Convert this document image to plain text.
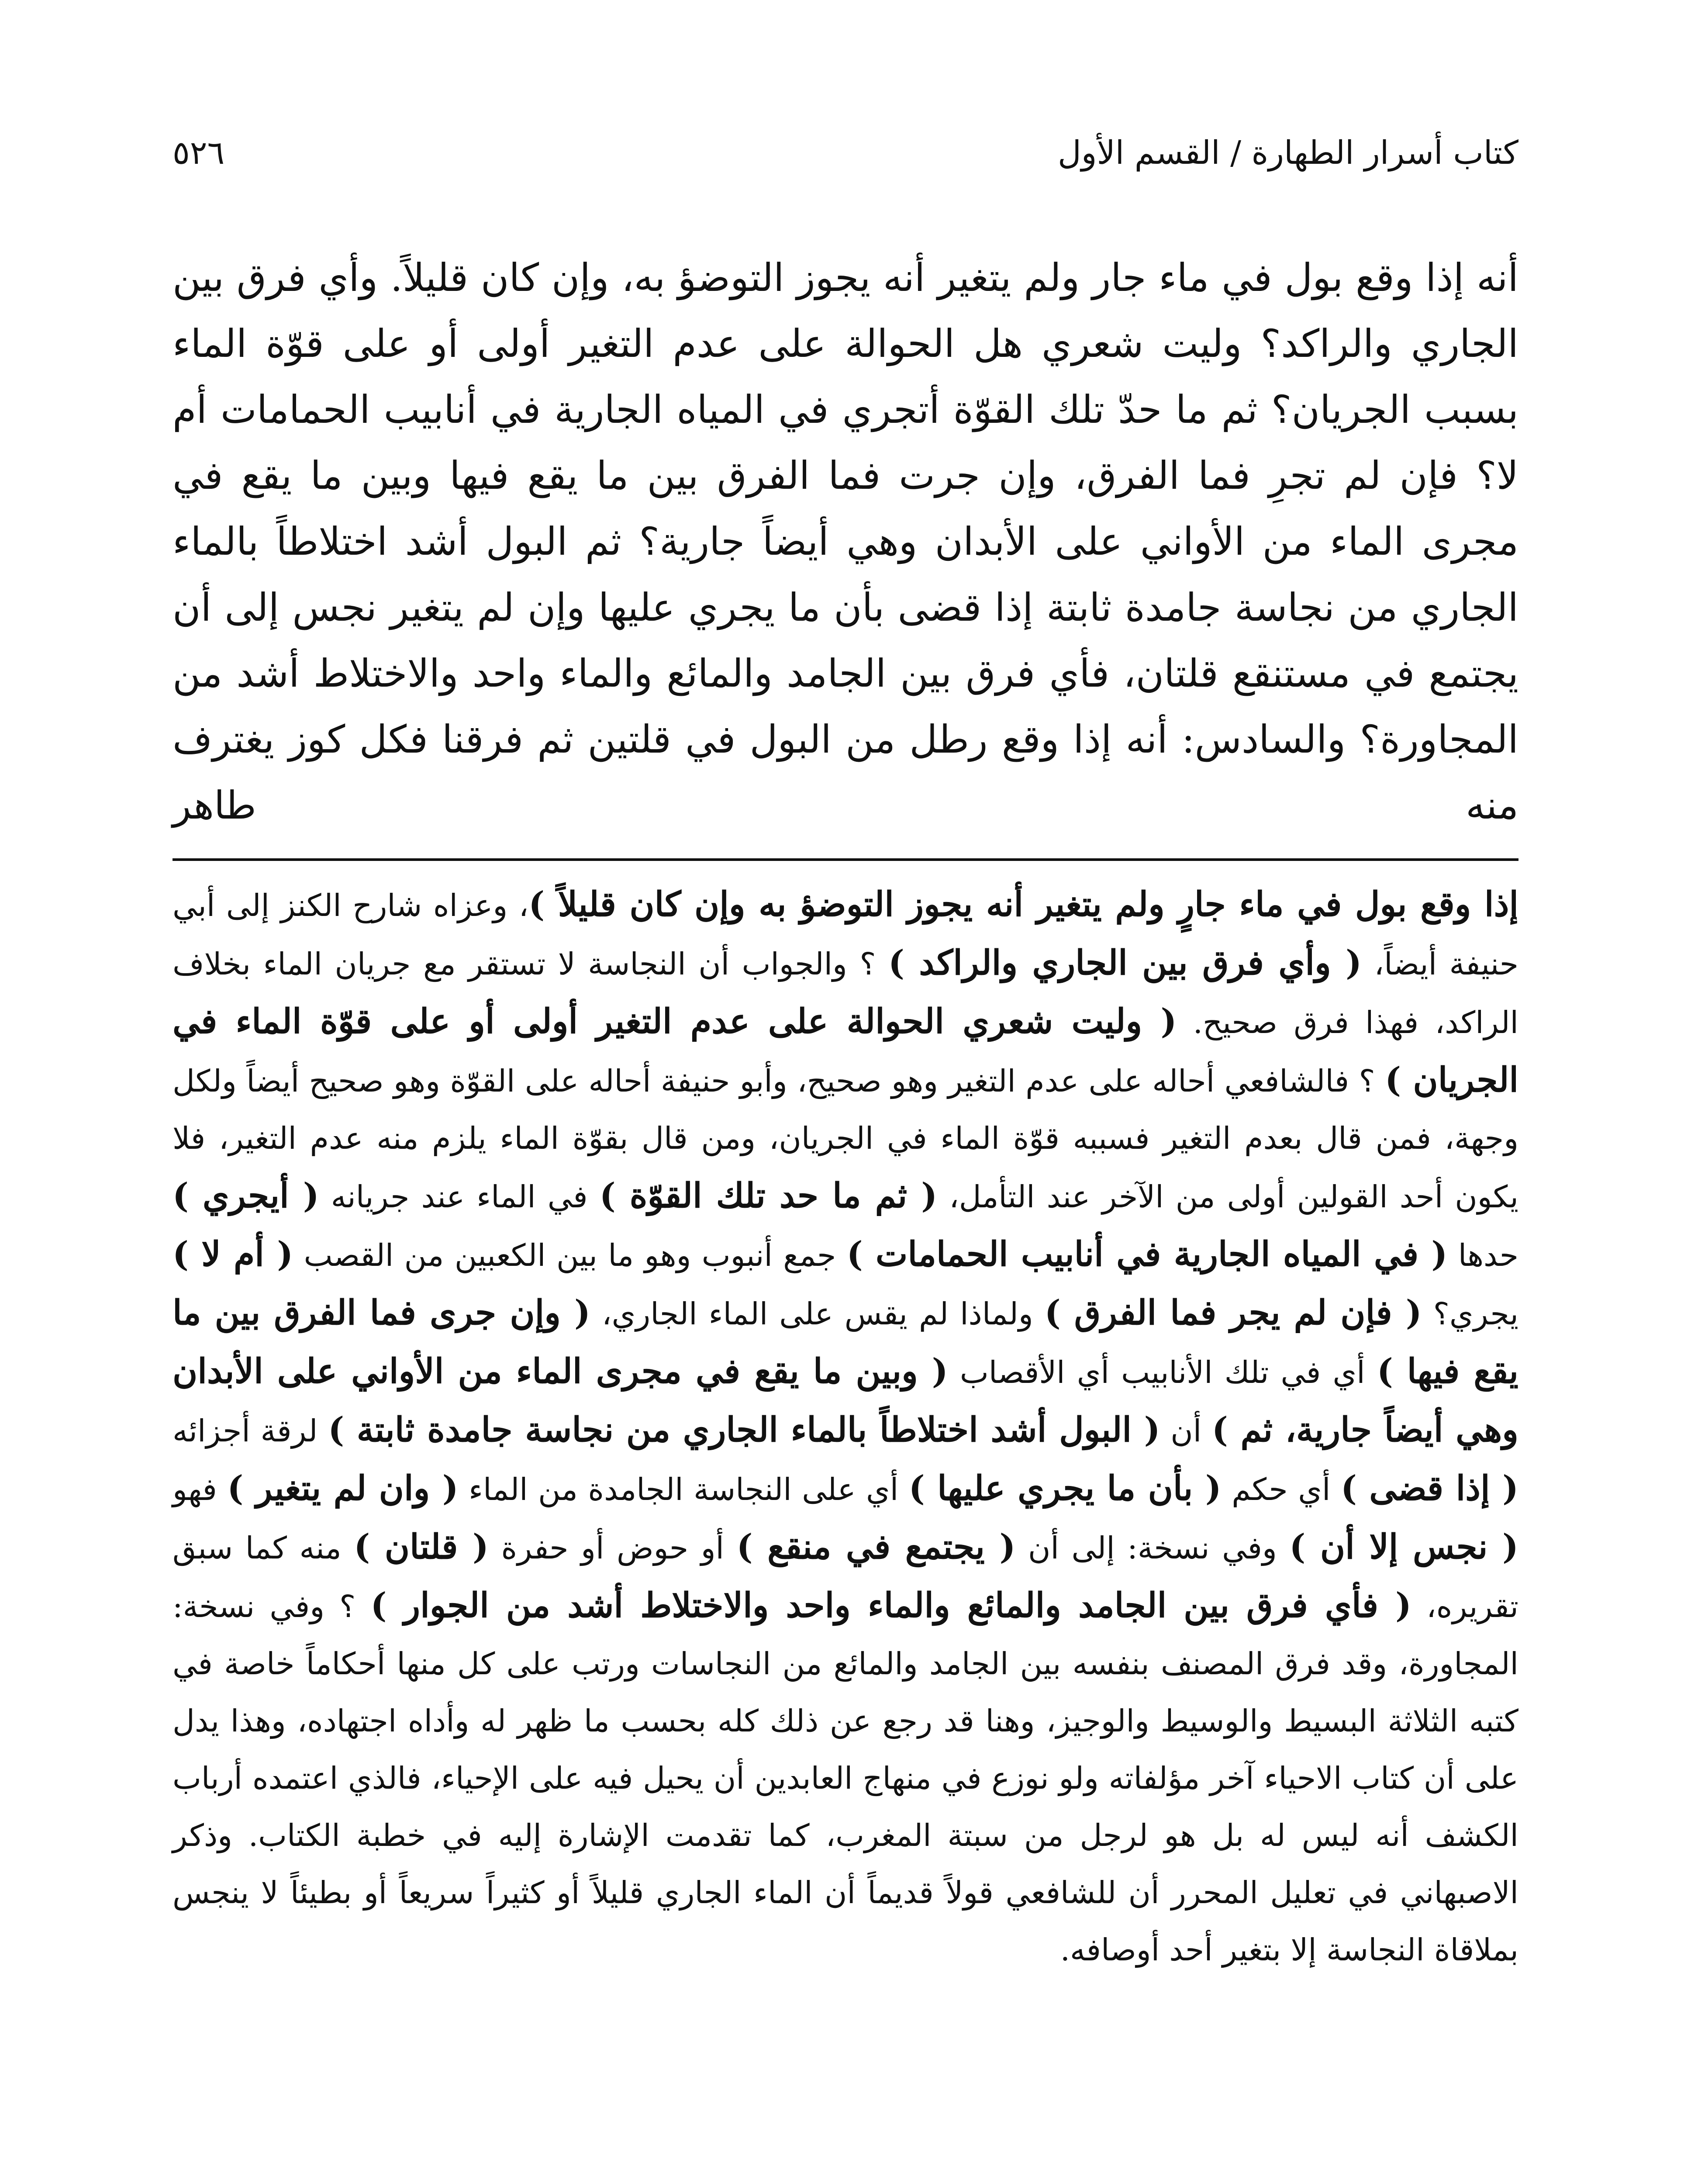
كتاب أسرار الطهارة / القسم الأول
٥٢٦

أنه إذا وقع بول في ماء جار ولم يتغير أنه يجوز التوضؤ به، وإن كان قليلاً. وأي فرق بين الجاري والراكد؟ وليت شعري هل الحوالة على عدم التغير أولى أو على قوّة الماء بسبب الجريان؟ ثم ما حدّ تلك القوّة أتجري في المياه الجارية في أنابيب الحمامات أم لا؟ فإن لم تجرِ فما الفرق، وإن جرت فما الفرق بين ما يقع فيها وبين ما يقع في مجرى الماء من الأواني على الأبدان وهي أيضاً جارية؟ ثم البول أشد اختلاطاً بالماء الجاري من نجاسة جامدة ثابتة إذا قضى بأن ما يجري عليها وإن لم يتغير نجس إلى أن يجتمع في مستنقع قلتان، فأي فرق بين الجامد والمائع والماء واحد والاختلاط أشد من المجاورة؟ والسادس: أنه إذا وقع رطل من البول في قلتين ثم فرقنا فكل كوز يغترف منه طاهر

إذا وقع بول في ماء جارٍ ولم يتغير أنه يجوز التوضؤ به وإن كان قليلاً )، وعزاه شارح الكنز إلى أبي حنيفة أيضاً، ( وأي فرق بين الجاري والراكد ) ؟ والجواب أن النجاسة لا تستقر مع جريان الماء بخلاف الراكد، فهذا فرق صحيح. ( وليت شعري الحوالة على عدم التغير أولى أو على قوّة الماء في الجريان ) ؟ فالشافعي أحاله على عدم التغير وهو صحيح، وأبو حنيفة أحاله على القوّة وهو صحيح أيضاً ولكل وجهة، فمن قال بعدم التغير فسببه قوّة الماء في الجريان، ومن قال بقوّة الماء يلزم منه عدم التغير، فلا يكون أحد القولين أولى من الآخر عند التأمل، ( ثم ما حد تلك القوّة ) في الماء عند جريانه ( أيجري ) حدها ( في المياه الجارية في أنابيب الحمامات ) جمع أنبوب وهو ما بين الكعبين من القصب ( أم لا ) يجري؟ ( فإن لم يجر فما الفرق ) ولماذا لم يقس على الماء الجاري، ( وإن جرى فما الفرق بين ما يقع فيها ) أي في تلك الأنابيب أي الأقصاب ( وبين ما يقع في مجرى الماء من الأواني على الأبدان وهي أيضاً جارية، ثم ) أن ( البول أشد اختلاطاً بالماء الجاري من نجاسة جامدة ثابتة ) لرقة أجزائه ( إذا قضى ) أي حكم ( بأن ما يجري عليها ) أي على النجاسة الجامدة من الماء ( وان لم يتغير ) فهو ( نجس إلا أن ) وفي نسخة: إلى أن ( يجتمع في منقع ) أو حوض أو حفرة ( قلتان ) منه كما سبق تقريره، ( فأي فرق بين الجامد والمائع والماء واحد والاختلاط أشد من الجوار ) ؟ وفي نسخة: المجاورة، وقد فرق المصنف بنفسه بين الجامد والمائع من النجاسات ورتب على كل منها أحكاماً خاصة في كتبه الثلاثة البسيط والوسيط والوجيز، وهنا قد رجع عن ذلك كله بحسب ما ظهر له وأداه اجتهاده، وهذا يدل على أن كتاب الاحياء آخر مؤلفاته ولو نوزع في منهاج العابدين أن يحيل فيه على الإحياء، فالذي اعتمده أرباب الكشف أنه ليس له بل هو لرجل من سبتة المغرب، كما تقدمت الإشارة إليه في خطبة الكتاب. وذكر الاصبهاني في تعليل المحرر أن للشافعي قولاً قديماً أن الماء الجاري قليلاً أو كثيراً سريعاً أو بطيئاً لا ينجس بملاقاة النجاسة إلا بتغير أحد أوصافه.
